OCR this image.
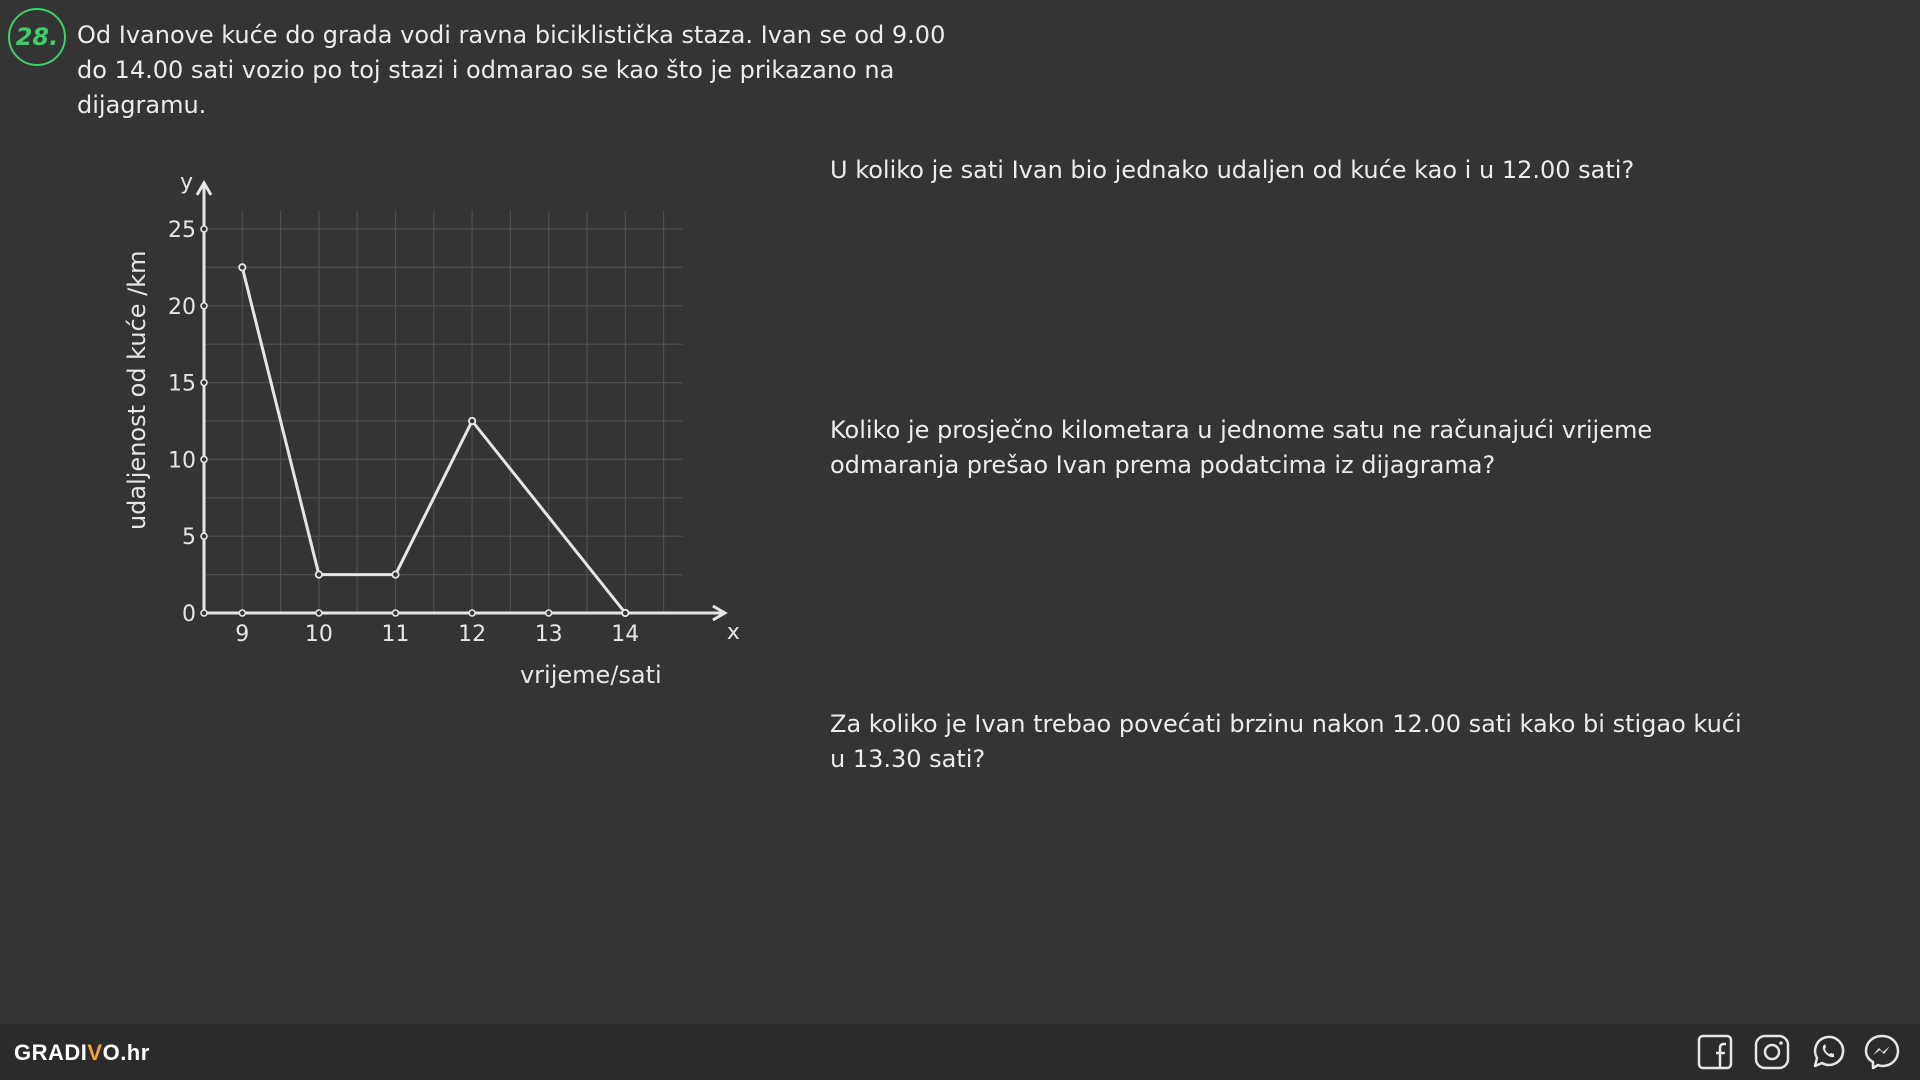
28. Od Ivanove kuće do grada vodi ravna biciklistička staza. Ivan se od 9.00 do 14.00 sati vozio po toj stazi i odmarao se kao što je prikazano na dijagramu.

U koliko je sati Ivan bio jednako udaljen od kuće kao i u 12.00 sati?

Koliko je prosječno kilometara u jednome satu ne računajući vrijeme odmaranja prešao Ivan prema podatcima iz dijagrama?

Za koliko je Ivan trebao povećati brzinu nakon 12.00 sati kako bi stigao kući u 13.30 sati?

x
y
9	10 11 12 13 14
0
5
10
15
20
25
vrijeme/sati
udaljenost od kuće /km
GRADIVO.hr
